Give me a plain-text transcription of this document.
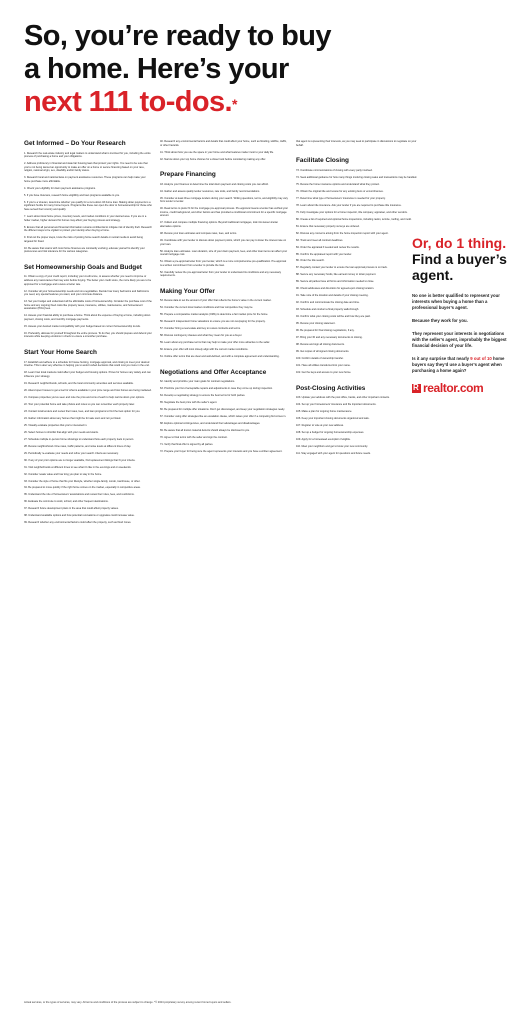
So, you’re ready to buy
a home. Here’s your
next 111 to-dos.*
Get Informed – Do Your Research

1. Research the real estate industry and legal matters to understand what is involved for you, including the entire process of purchasing a home and your obligations.

2. Address proficiency in financial and state fair housing laws that protect your rights. You need to be sure that you’re not being denied an opportunity to make an offer on a home or secure financing based on your race, religion, national origin, sex, disability and/or family status.

3. Research local and national laws on payment assistance resources. These programs can help make your home purchase more affordable.

4. Check your eligibility for down payment assistance programs.

5. If you have Veterans, research home eligibility and loan programs available to you.

6. If you’re a Veteran, determine whether you qualify for a zero-down VA home loan. Making down payments is a significant hurdle for many home buyers. Programs like these can open the door to homeownership for those who have served their country and qualify.

7. Learn about local home prices, inventory levels, and market conditions in your desired area. If you are in a hotter market, higher demand for homes may affect your buying process and strategy.

8. Ensure that all personal and financial information remains confidential to mitigate risk of identity theft. Research the different ways to be vigilant to protect your identity when buying a home.

9. Find out the proper steps, know the risks of posting home search details on social media to avoid being targeted for fraud.

10. Be aware that scams with most home finances are constantly evolving; educate yourself to identify your preferences and risk tolerance for the various categories.

Set Homeownership Goals and Budget

11. Obtain a copy of your credit report, including your credit score, to assess whether you need to improve or address any inaccuracies that may exist before buying. The better your credit score, the more likely you are to be approved for a mortgage and receive a better rate.

12. Consider all your homeownership needs and non-negotiables. Decide how many bedrooms and bathrooms you need, any special features you want, and your commute distance.

13. Set your budget and understand all the affordable costs of homeownership. Consider the purchase cost of the home and any ongoing fixed costs like property taxes, insurance, utilities, maintenance, and homeowners’ association (HOA) fees.

14. Assess your financial ability to purchase a home. Think about the expense of buying a home, including down payment, closing costs, and monthly mortgage payments.

15. Assess your desired market compatibility with your budget based on current homeownership trends.

16. Preferably, allocate for yourself throughout the entire process. To do that, you should prepare and defend your interests while keeping emotions in check to ensure a smoother purchase.

Start Your Home Search

17. Establish and adhere to a schedule for house hunting, mortgage approval, and closing to meet your desired timeline. This is also very effective in helping you to avoid rushed decisions that could cost you more in the end.

18. Learn how local markets could affect your budget and housing options. Prices for homes vary widely and can influence your strategy.

19. Research neighborhoods, schools, and the local community amenities and services available.

20. Attend open houses to get a feel for what is available in your price range and how homes are being marketed.

21. Compare properties you’ve seen and note the pros and cons of each to help narrow down your options.

22. Tour your potential home and take photos and notes so you can remember each property later.

23. Contact local lenders and review their rates, fees, and loan programs to find the best option for you.

24. Gather information about any homes that might be for sale soon and not yet listed.

25. Visually evaluate properties that you’re interested in.

26. Select homes to shortlist that align with your needs and wants.

27. Schedule multiple in-person home showings to understand how each property feels in person.

28. Review neighborhood crime rates, traffic patterns, and noise levels at different times of day.

29. Periodically re-evaluate your needs and refine your search criteria as necessary.

30. If any of your prior options are no longer available, find replacement listings that fit your criteria.

31. Visit neighborhoods at different times to see what it’s like in the evenings and on weekends.

32. Consider resale value and how long you plan to stay in the home.

33. Consider the style of home that fits your lifestyle, whether single-family, condo, townhouse, or other.

34. Be prepared to move quickly if the right home comes on the market, especially in competitive areas.

35. Understand the role of homeowners’ associations and review their rules, fees, and restrictions.

36. Evaluate the commute to work, school, and other frequent destinations.

37. Research future development plans in the area that could affect property values.

38. Understand available options and how potential renovations or upgrades could increase value.

39. Research whether any environmental factors could affect the property, such as flood zones.

40. Research any environmental factors and details that could affect your home, such as flooding, wildfire, traffic, or other hazards.

41. Think about how you use the space in your home and what features matter most to your daily life.

42. Narrow down your top home choices for a closer look before considering making any offer.

Prepare Financing

43. Analyze your finances to determine the total down payment and closing costs you can afford.

44. Gather and assess quality lender resources, rate tools, and family recommendations.

45. Consider at least three mortgage lenders during your search. Writing questions, terms, and eligibility may vary from lender to lender.

46. Read terms to prefer fit for the mortgage pre-approval process. Pre-approval means a lender has verified your income, credit background, and other factors and has provided a conditional commitment for a specific mortgage amount.

47. Collect and compare multiple financing options. Beyond traditional mortgages, look into lesser-known alternative options.

48. Review your loan estimates and compare rates, fees, and terms.

49. Coordinate with your lender to discuss down payment points, which you can pay to lower the interest rate on your loan.

50. Analyze loan estimates. Loan duration, size of your down payment, fees, and other loan items can affect your overall mortgage cost.

51. Obtain a pre-approval letter from your lender, which is a more comprehensive pre-qualification. Pre-approval is a written commitment from a lender to provide the loan.

52. Carefully review the pre-approval letter from your lender to understand its conditions and any necessary requirements.

Making Your Offer

53. Review data to set the amount of your offer that reflects the home’s value in the current market.

54. Consider the current local market conditions and how competitive they may be.

55. Prepare a comparative market analysis (CMA) to determine a fair market price for the home.

56. Research independent home valuations to ensure you are not overpaying for the property.

57. Consider hiring a real estate attorney to review contracts and terms.

58. Discuss contingency clauses and what they mean for you as a buyer.

59. Learn about any purchase terms that may help to make your offer more attractive to the seller.

60. Ensure your offer will most closely align with the current market conditions.

61. Outline offer terms that are clear and well-defined, and with a complete agreement and understanding.

Negotiations and Offer Acceptance

62. Identify and prioritize your main goals for contract negotiations.

63. Prioritize your list of acceptable repairs and adjustments in case they come up during inspection.

64. Develop a negotiating strategy to ensure the best terms for both parties.

65. Negotiate the best price with the seller’s agent.

66. Be prepared for multiple offer situations. Don’t get discouraged, and keep your negotiation strategies ready.

67. Consider using offer strategies like an escalation clause, which raises your offer if a competing bid comes in.

68. Explore optional contingencies, and understand their advantages and disadvantages.

69. Be aware that all known material defects should always be disclosed to you.

70. Agree to final terms with the seller and sign the contract.

71. Verify that final offer is signed by all parties.

72. Prepare your buyer for being sure the agent represents your interests and you have a written agreement.

that agent is representing their interests, as you may seek to participate in discussions to negotiate on your behalf.

Facilitate Closing

73. Coordinate communications of closing with every party involved.

74. Seek additional guidance for how many things involving closing sales and transactions may be handled.

75. Review the home insurance options and understand what they protect.

76. Obtain the original title and review for any existing liens or encumbrances.

77. Determine what type of homeowners’ insurance is needed for your property.

78. Learn about title insurance. Ask your lender if you are required to purchase title insurance.

79. Fully investigate your options for a home inspector, title company, appraiser, and other vendors.

80. Create a list of required and optional home inspections, including radon, termite, roofing, and mold.

81. Ensure that necessary property surveys are ordered.

82. Discuss any concerns arising from the home inspection report with your agent.

83. Track and meet all contract deadlines.

84. Order the appraisal if needed and review the results.

85. Confirm the appraised report with your lender.

86. Order the title search.

87. Regularly contact your lender to ensure the loan approval process is on track.

88. Secure any necessary funds, like earnest money or down payment.

89. Secure all parties have all forms and information needed to close.

90. Check addresses and directions for agreed-upon closing location.

91. Take note of the location and details of your closing meeting.

92. Confirm and communicate the closing date and time.

93. Schedule and conduct a final property walk-through.

94. Confirm what your closing costs will be and how they are paid.

95. Review your closing statement.

96. Be prepared for final closing negotiations, if any.

97. Bring your ID and any necessary documents to closing.

98. Review and sign all closing documents.

99. Get copies of all signed closing documents.

100. Confirm details of ownership transfer.

101. Have all utilities transferred into your name.

102. Get the keys and access to your new home.

Post-Closing Activities

103. Update your address with the post office, banks, and other important contacts.

104. Set up your homeowners’ insurance and file important documents.

105. Make a plan for ongoing home maintenance.

106. Keep your important closing documents organized and safe.

107. Register to vote at your new address.

108. Set up a budget for ongoing homeownership expenses.

109. Apply for a homestead exemption if eligible.

110. Meet your neighbors and get to know your new community.

111. Stay engaged with your agent for questions and future needs.

Or, do 1 thing.
Find a buyer’s
agent.

No one is better qualified to represent your interests when buying a home than a professional buyer’s agent.

Because they work for you.

They represent your interests in negotiations with the seller’s agent, improbably the biggest financial decision of your life.

Is it any surprise that nearly 9 out of 10 home buyers say they’d use a buyer’s agent when purchasing a home again?

R
realtor.com
Actual services, or the types of services, may vary. All terms and conditions of the process are subject to change. *© 2024 proprietary survey among recent home buyers and sellers.
